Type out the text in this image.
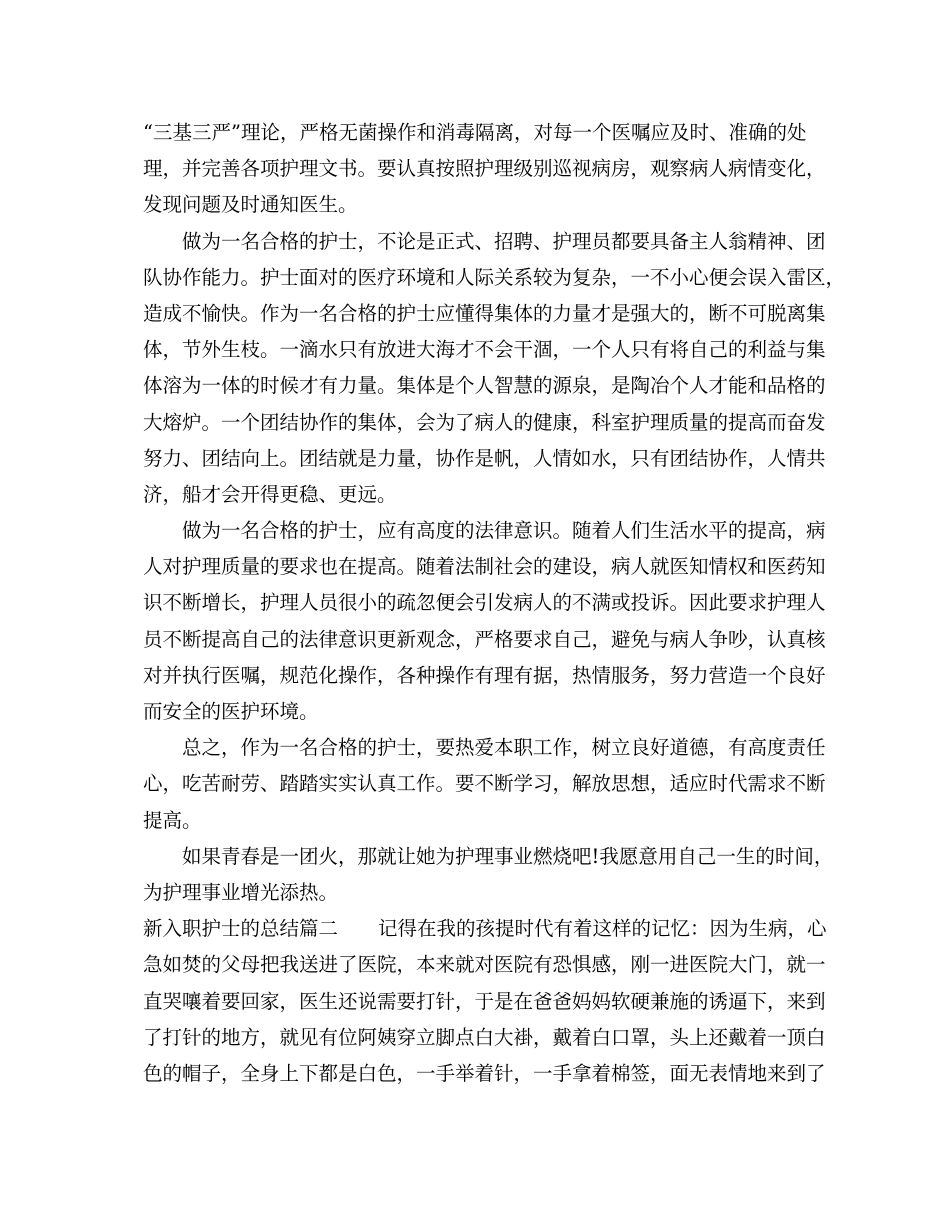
“三基三严”理论，严格无菌操作和消毒隔离，对每一个医嘱应及时、准确的处
理，并完善各项护理文书。要认真按照护理级别巡视病房，观察病人病情变化，
发现问题及时通知医生。
做为一名合格的护士，不论是正式、招聘、护理员都要具备主人翁精神、团
队协作能力。护士面对的医疗环境和人际关系较为复杂，一不小心便会误入雷区，
造成不愉快。作为一名合格的护士应懂得集体的力量才是强大的，断不可脱离集
体，节外生枝。一滴水只有放进大海才不会干涸，一个人只有将自己的利益与集
体溶为一体的时候才有力量。集体是个人智慧的源泉，是陶冶个人才能和品格的
大熔炉。一个团结协作的集体，会为了病人的健康，科室护理质量的提高而奋发
努力、团结向上。团结就是力量，协作是帆，人情如水，只有团结协作，人情共
济，船才会开得更稳、更远。
做为一名合格的护士，应有高度的法律意识。随着人们生活水平的提高，病
人对护理质量的要求也在提高。随着法制社会的建设，病人就医知情权和医药知
识不断增长，护理人员很小的疏忽便会引发病人的不满或投诉。因此要求护理人
员不断提高自己的法律意识更新观念，严格要求自己，避免与病人争吵，认真核
对并执行医嘱，规范化操作，各种操作有理有据，热情服务，努力营造一个良好
而安全的医护环境。
总之，作为一名合格的护士，要热爱本职工作，树立良好道德，有高度责任
心，吃苦耐劳、踏踏实实认真工作。要不断学习，解放思想，适应时代需求不断
提高。
如果青春是一团火，那就让她为护理事业燃烧吧!我愿意用自己一生的时间，
为护理事业增光添热。
新入职护士的总结篇二 记得在我的孩提时代有着这样的记忆：因为生病，心
急如焚的父母把我送进了医院，本来就对医院有恐惧感，刚一进医院大门，就一
直哭嚷着要回家，医生还说需要打针，于是在爸爸妈妈软硬兼施的诱逼下，来到
了打针的地方，就见有位阿姨穿立脚点白大褂，戴着白口罩，头上还戴着一顶白
色的帽子，全身上下都是白色，一手举着针，一手拿着棉签，面无表情地来到了
